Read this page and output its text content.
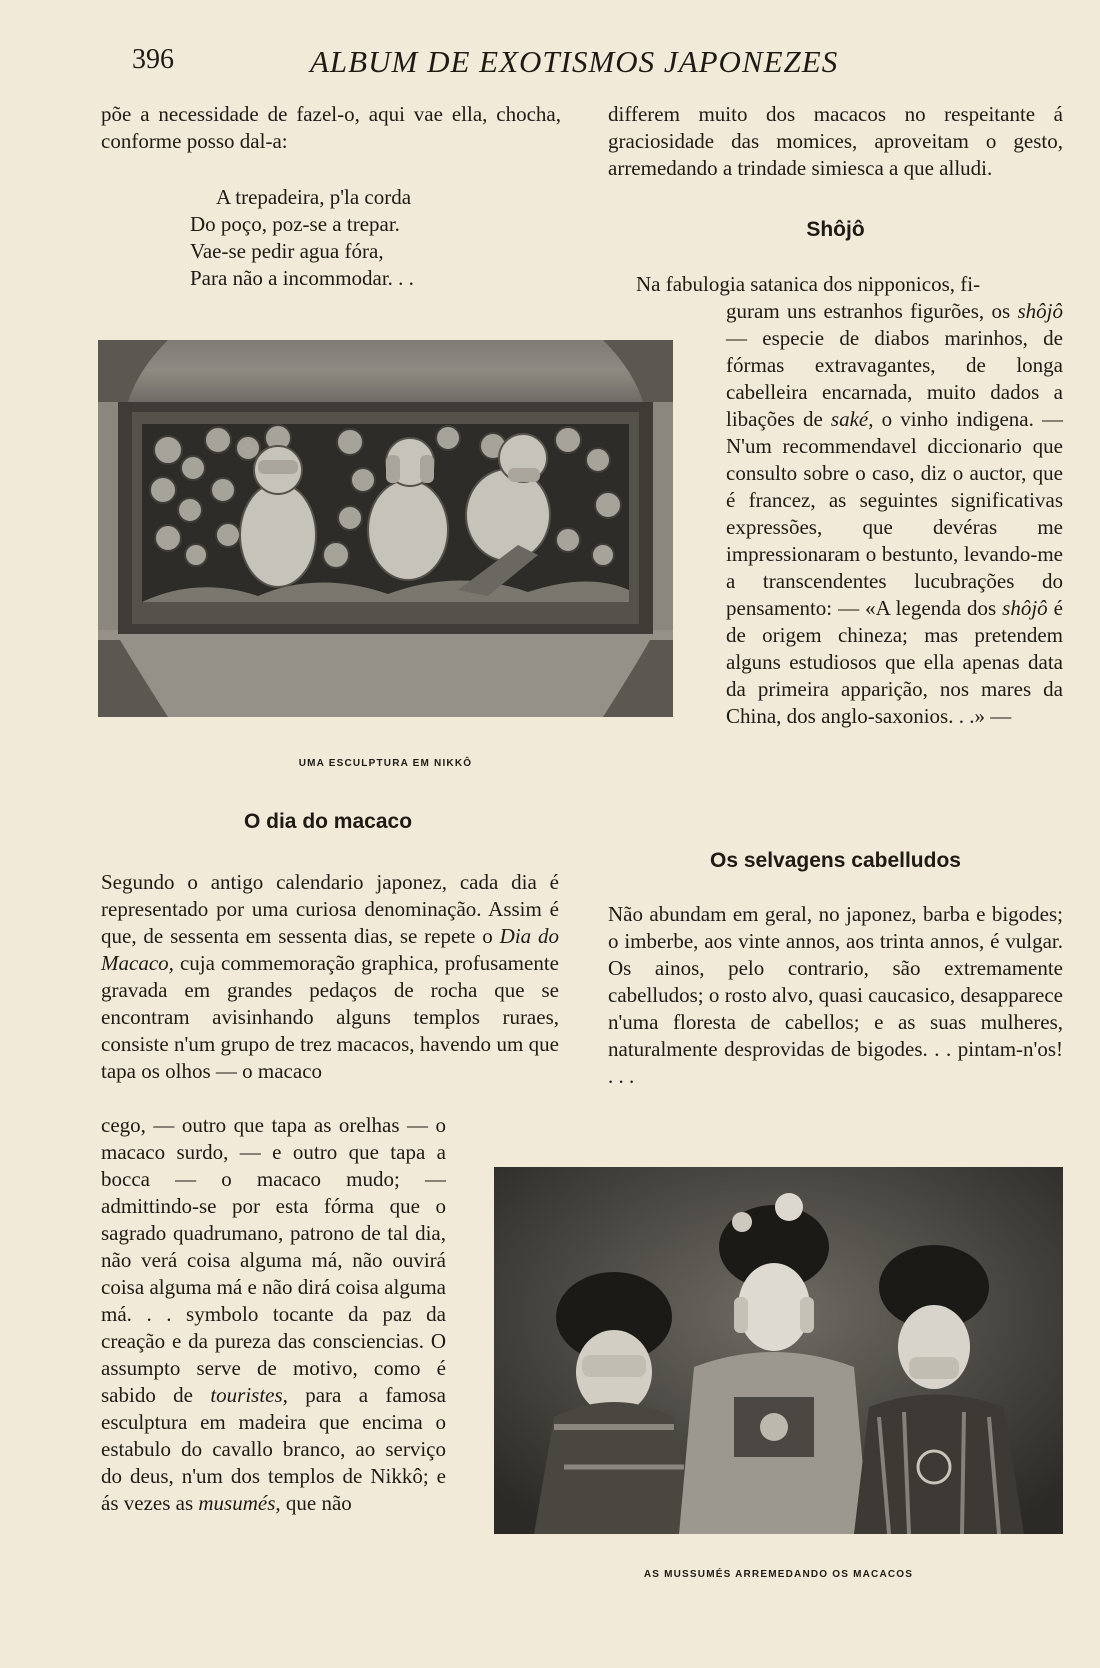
396	ALBUM DE EXOTISMOS JAPONEZES

põe a necessidade de fazel-o, aqui vae ella, chocha, conforme posso dal-a:

A trepadeira, p'la corda
Do poço, poz-se a trepar.
Vae-se pedir agua fóra,
Para não a incommodar. . .
UMA ESCULPTURA EM NIKKÔ
O dia do macaco

Segundo o antigo calendario japonez, cada dia é representado por uma curiosa denominação. Assim é que, de sessenta em sessenta dias, se repete o Dia do Macaco, cuja commemoração graphica, profusamente gravada em grandes pedaços de rocha que se encontram avisinhando alguns templos ruraes, consiste n'um grupo de trez macacos, havendo um que tapa os olhos — o macaco

cego, — outro que tapa as orelhas — o macaco surdo, — e outro que tapa a bocca — o macaco mudo; — admittindo-se por esta fórma que o sagrado quadrumano, patrono de tal dia, não verá coisa alguma má, não ouvirá coisa alguma má e não dirá coisa alguma má. . . symbolo tocante da paz da creação e da pureza das consciencias. O assumpto serve de motivo, como é sabido de touristes, para a famosa esculptura em madeira que encima o estabulo do cavallo branco, ao serviço do deus, n'um dos templos de Nikkô; e ás vezes as musumés, que não

differem muito dos macacos no respeitante á graciosidade das momices, aproveitam o gesto, arremedando a trindade simiesca a que alludi.

Shôjô
Na fabulogia satanica dos nipponicos, fi-

guram uns estranhos figurões, os shôjô — especie de diabos marinhos, de fórmas extravagantes, de longa cabelleira encarnada, muito dados a libações de saké, o vinho indigena. — N'um recommendavel diccionario que consulto sobre o caso, diz o auctor, que é francez, as seguintes significativas expressões, que devéras me impressionaram o bestunto, levando-me a transcendentes lucubrações do pensamento: — «A legenda dos shôjô é de origem chineza; mas pretendem alguns estudiosos que ella apenas data da primeira apparição, nos mares da China, dos anglo-saxonios. . .» —

Os selvagens cabelludos

Não abundam em geral, no japonez, barba e bigodes; o imberbe, aos vinte annos, aos trinta annos, é vulgar. Os ainos, pelo contrario, são extremamente cabelludos; o rosto alvo, quasi caucasico, desapparece n'uma floresta de cabellos; e as suas mulheres, naturalmente desprovidas de bigodes. . . pintam-n'os! . . .

AS MUSSUMÉS ARREMEDANDO OS MACACOS
